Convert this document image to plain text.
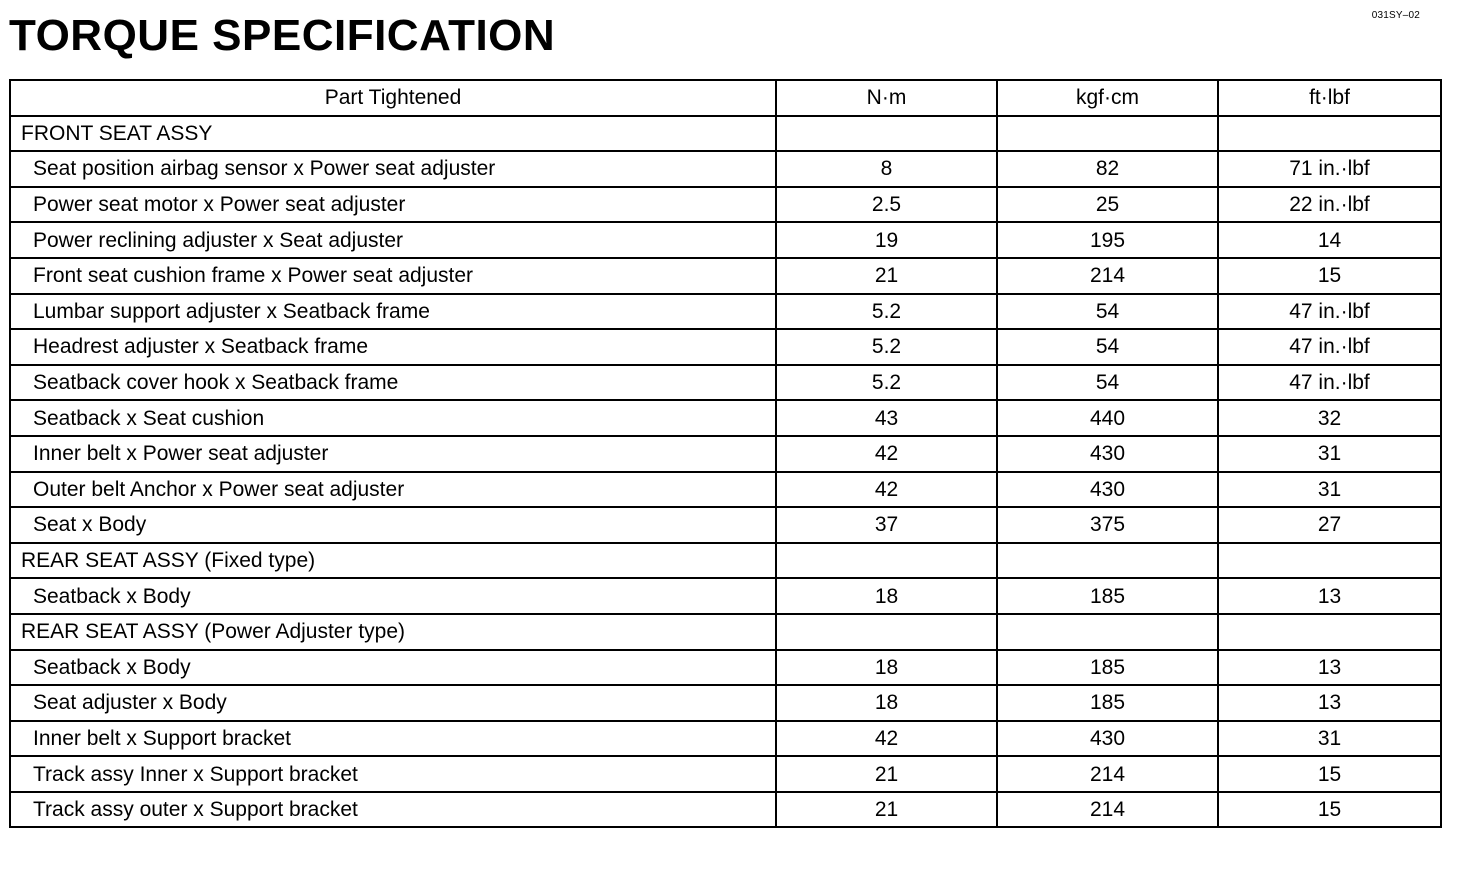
031SY–02
TORQUE SPECIFICATION
Part Tightened	N·m	kgf·cm	ft·lbf
FRONT SEAT ASSY			
Seat position airbag sensor x Power seat adjuster	8	82	71 in.·lbf
Power seat motor x Power seat adjuster	2.5	25	22 in.·lbf
Power reclining adjuster x Seat adjuster	19	195	14
Front seat cushion frame x Power seat adjuster	21	214	15
Lumbar support adjuster x Seatback frame	5.2	54	47 in.·lbf
Headrest adjuster x Seatback frame	5.2	54	47 in.·lbf
Seatback cover hook x Seatback frame	5.2	54	47 in.·lbf
Seatback x Seat cushion	43	440	32
Inner belt x Power seat adjuster	42	430	31
Outer belt Anchor x Power seat adjuster	42	430	31
Seat x Body	37	375	27
REAR SEAT ASSY (Fixed type)			
Seatback x Body	18	185	13
REAR SEAT ASSY (Power Adjuster type)			
Seatback x Body	18	185	13
Seat adjuster x Body	18	185	13
Inner belt x Support bracket	42	430	31
Track assy Inner x Support bracket	21	214	15
Track assy outer x Support bracket	21	214	15
